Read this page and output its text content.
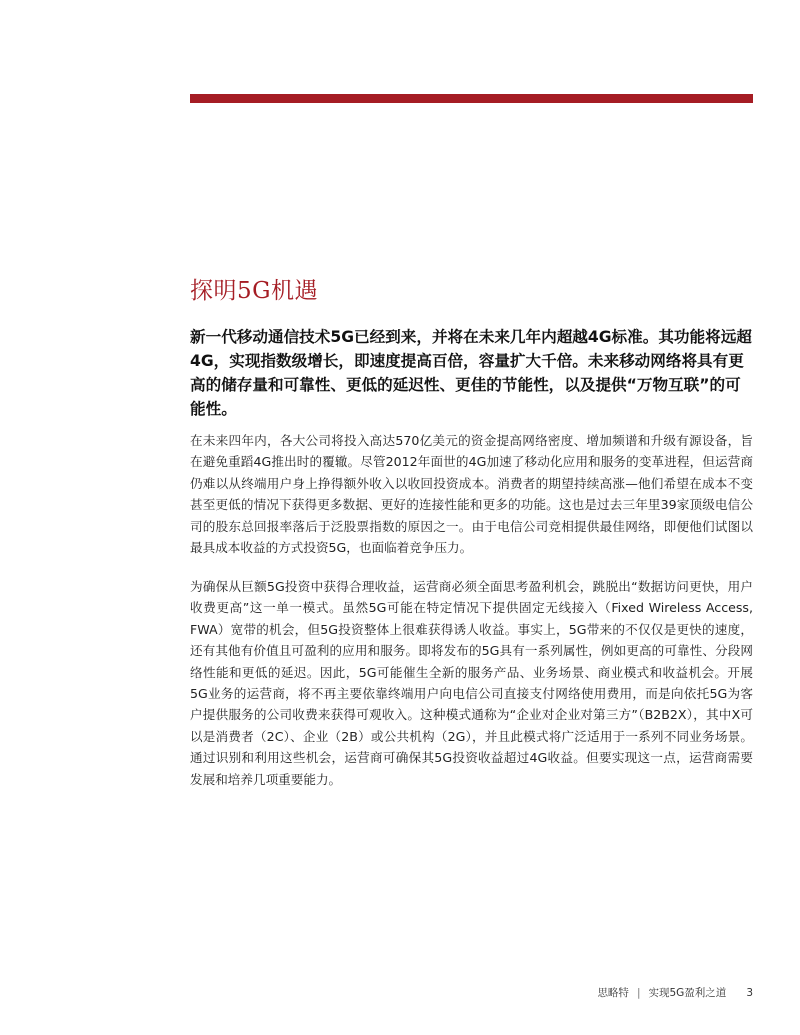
探明5G机遇

新一代移动通信技术5G已经到来，并将在未来几年内超越4G标准。其功能将远超4G，实现指数级增长，即速度提高百倍，容量扩大千倍。未来移动网络将具有更高的储存量和可靠性、更低的延迟性、更佳的节能性，以及提供“万物互联”的可能性。

在未来四年内，各大公司将投入高达570亿美元的资金提高网络密度、增加频谱和升级有源设备，旨在避免重蹈4G推出时的覆辙。尽管2012年面世的4G加速了移动化应用和服务的变革进程，但运营商仍难以从终端用户身上挣得额外收入以收回投资成本。消费者的期望持续高涨—他们希望在成本不变甚至更低的情况下获得更多数据、更好的连接性能和更多的功能。这也是过去三年里39家顶级电信公司的股东总回报率落后于泛股票指数的原因之一。由于电信公司竞相提供最佳网络，即便他们试图以最具成本收益的方式投资5G，也面临着竞争压力。

为确保从巨额5G投资中获得合理收益，运营商必须全面思考盈利机会，跳脱出“数据访问更快，用户收费更高”这一单一模式。虽然5G可能在特定情况下提供固定无线接入（Fixed Wireless Access, FWA）宽带的机会，但5G投资整体上很难获得诱人收益。事实上，5G带来的不仅仅是更快的速度，还有其他有价值且可盈利的应用和服务。即将发布的5G具有一系列属性，例如更高的可靠性、分段网络性能和更低的延迟。因此，5G可能催生全新的服务产品、业务场景、商业模式和收益机会。开展5G业务的运营商，将不再主要依靠终端用户向电信公司直接支付网络使用费用，而是向依托5G为客户提供服务的公司收费来获得可观收入。这种模式通称为“企业对企业对第三方”（B2B2X），其中X可以是消费者（2C）、企业（2B）或公共机构（2G），并且此模式将广泛适用于一系列不同业务场景。通过识别和利用这些机会，运营商可确保其5G投资收益超过4G收益。但要实现这一点，运营商需要发展和培养几项重要能力。

思略特 | 实现5G盈利之道 3
